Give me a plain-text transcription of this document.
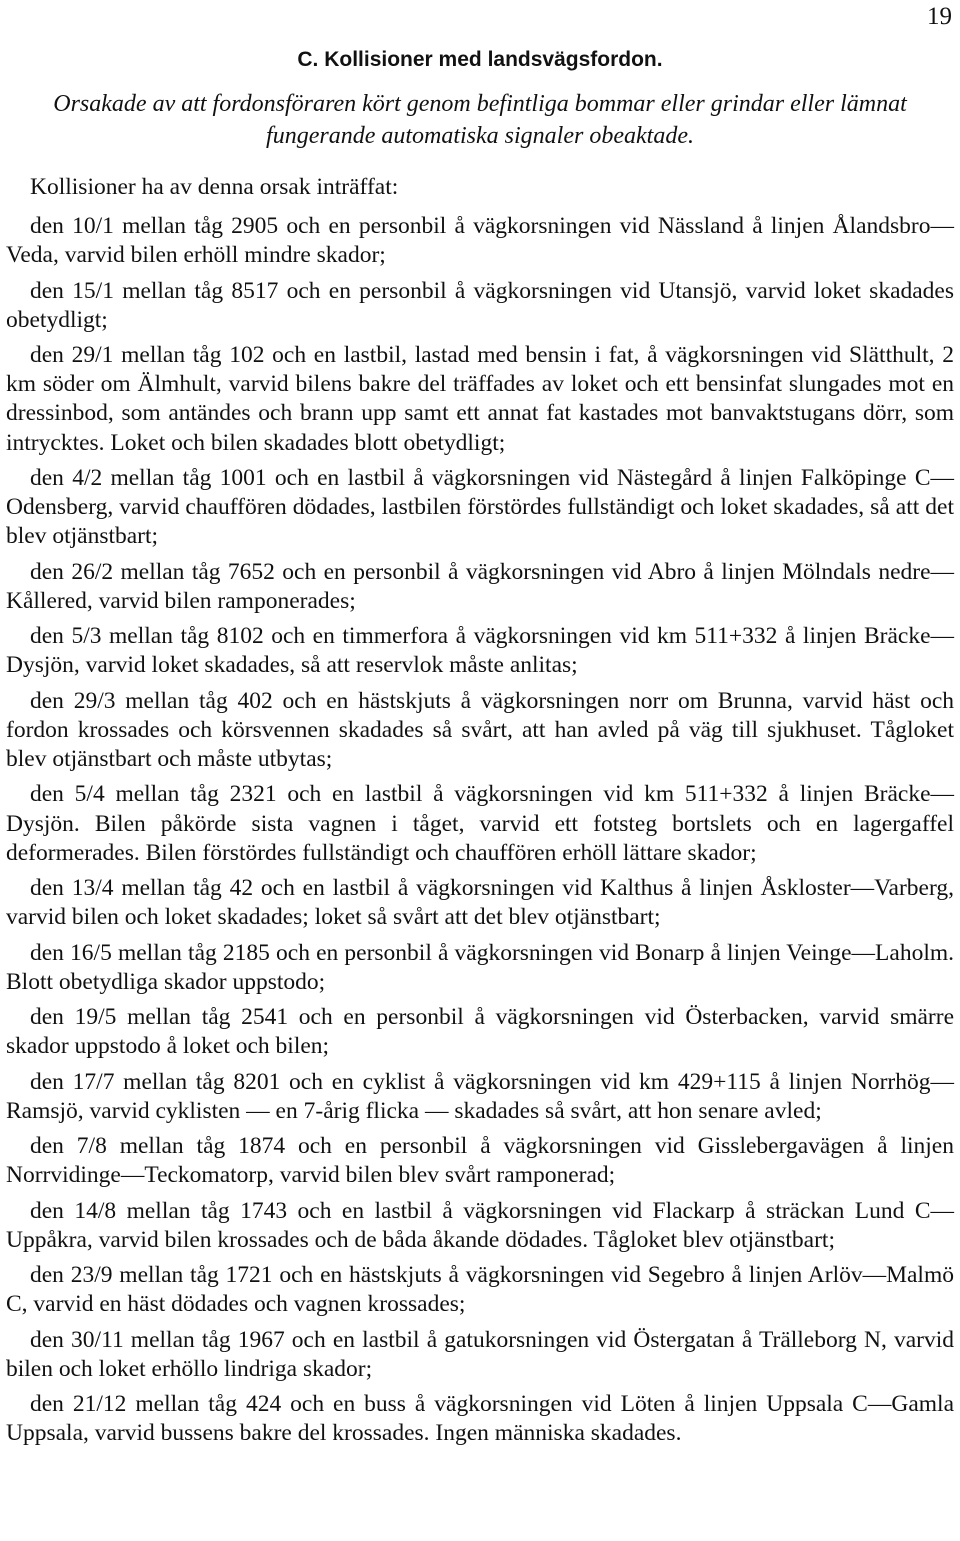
19
C. Kollisioner med landsvägsfordon.
Orsakade av att fordonsföraren kört genom befintliga bommar eller grindar eller lämnat
fungerande automatiska signaler obeaktade.
Kollisioner ha av denna orsak inträffat:

den 10/1 mellan tåg 2905 och en personbil å vägkorsningen vid Nässland å linjen Ålandsbro—Veda, varvid bilen erhöll mindre skador;

den 15/1 mellan tåg 8517 och en personbil å vägkorsningen vid Utansjö, varvid loket skadades obetydligt;

den 29/1 mellan tåg 102 och en lastbil, lastad med bensin i fat, å vägkorsningen vid Slätthult, 2 km söder om Älmhult, varvid bilens bakre del träffades av loket och ett bensinfat slungades mot en dressinbod, som antändes och brann upp samt ett annat fat kastades mot banvaktstugans dörr, som intrycktes. Loket och bilen skadades blott obetydligt;

den 4/2 mellan tåg 1001 och en lastbil å vägkorsningen vid Nästegård å linjen Falköpinge C—Odensberg, varvid chauffören dödades, lastbilen förstördes fullständigt och loket skadades, så att det blev otjänstbart;

den 26/2 mellan tåg 7652 och en personbil å vägkorsningen vid Abro å linjen Mölndals nedre—Kållered, varvid bilen ramponerades;

den 5/3 mellan tåg 8102 och en timmerfora å vägkorsningen vid km 511+332 å linjen Bräcke—Dysjön, varvid loket skadades, så att reservlok måste anlitas;

den 29/3 mellan tåg 402 och en hästskjuts å vägkorsningen norr om Brunna, varvid häst och fordon krossades och körsvennen skadades så svårt, att han avled på väg till sjukhuset. Tågloket blev otjänstbart och måste utbytas;

den 5/4 mellan tåg 2321 och en lastbil å vägkorsningen vid km 511+332 å linjen Bräcke—Dysjön. Bilen påkörde sista vagnen i tåget, varvid ett fotsteg bortslets och en lagergaffel deformerades. Bilen förstördes fullständigt och chauffören erhöll lättare skador;

den 13/4 mellan tåg 42 och en lastbil å vägkorsningen vid Kalthus å linjen Åskloster—Varberg, varvid bilen och loket skadades; loket så svårt att det blev otjänstbart;

den 16/5 mellan tåg 2185 och en personbil å vägkorsningen vid Bonarp å linjen Veinge—Laholm. Blott obetydliga skador uppstodo;

den 19/5 mellan tåg 2541 och en personbil å vägkorsningen vid Österbacken, varvid smärre skador uppstodo å loket och bilen;

den 17/7 mellan tåg 8201 och en cyklist å vägkorsningen vid km 429+115 å linjen Norrhög—Ramsjö, varvid cyklisten — en 7-årig flicka — skadades så svårt, att hon senare avled;

den 7/8 mellan tåg 1874 och en personbil å vägkorsningen vid Gisslebergavägen å linjen Norrvidinge—Teckomatorp, varvid bilen blev svårt ramponerad;

den 14/8 mellan tåg 1743 och en lastbil å vägkorsningen vid Flackarp å sträckan Lund C—Uppåkra, varvid bilen krossades och de båda åkande dödades. Tågloket blev otjänstbart;

den 23/9 mellan tåg 1721 och en hästskjuts å vägkorsningen vid Segebro å linjen Arlöv—Malmö C, varvid en häst dödades och vagnen krossades;

den 30/11 mellan tåg 1967 och en lastbil å gatukorsningen vid Östergatan å Trälleborg N, varvid bilen och loket erhöllo lindriga skador;

den 21/12 mellan tåg 424 och en buss å vägkorsningen vid Löten å linjen Uppsala C—Gamla Uppsala, varvid bussens bakre del krossades. Ingen människa skadades.
